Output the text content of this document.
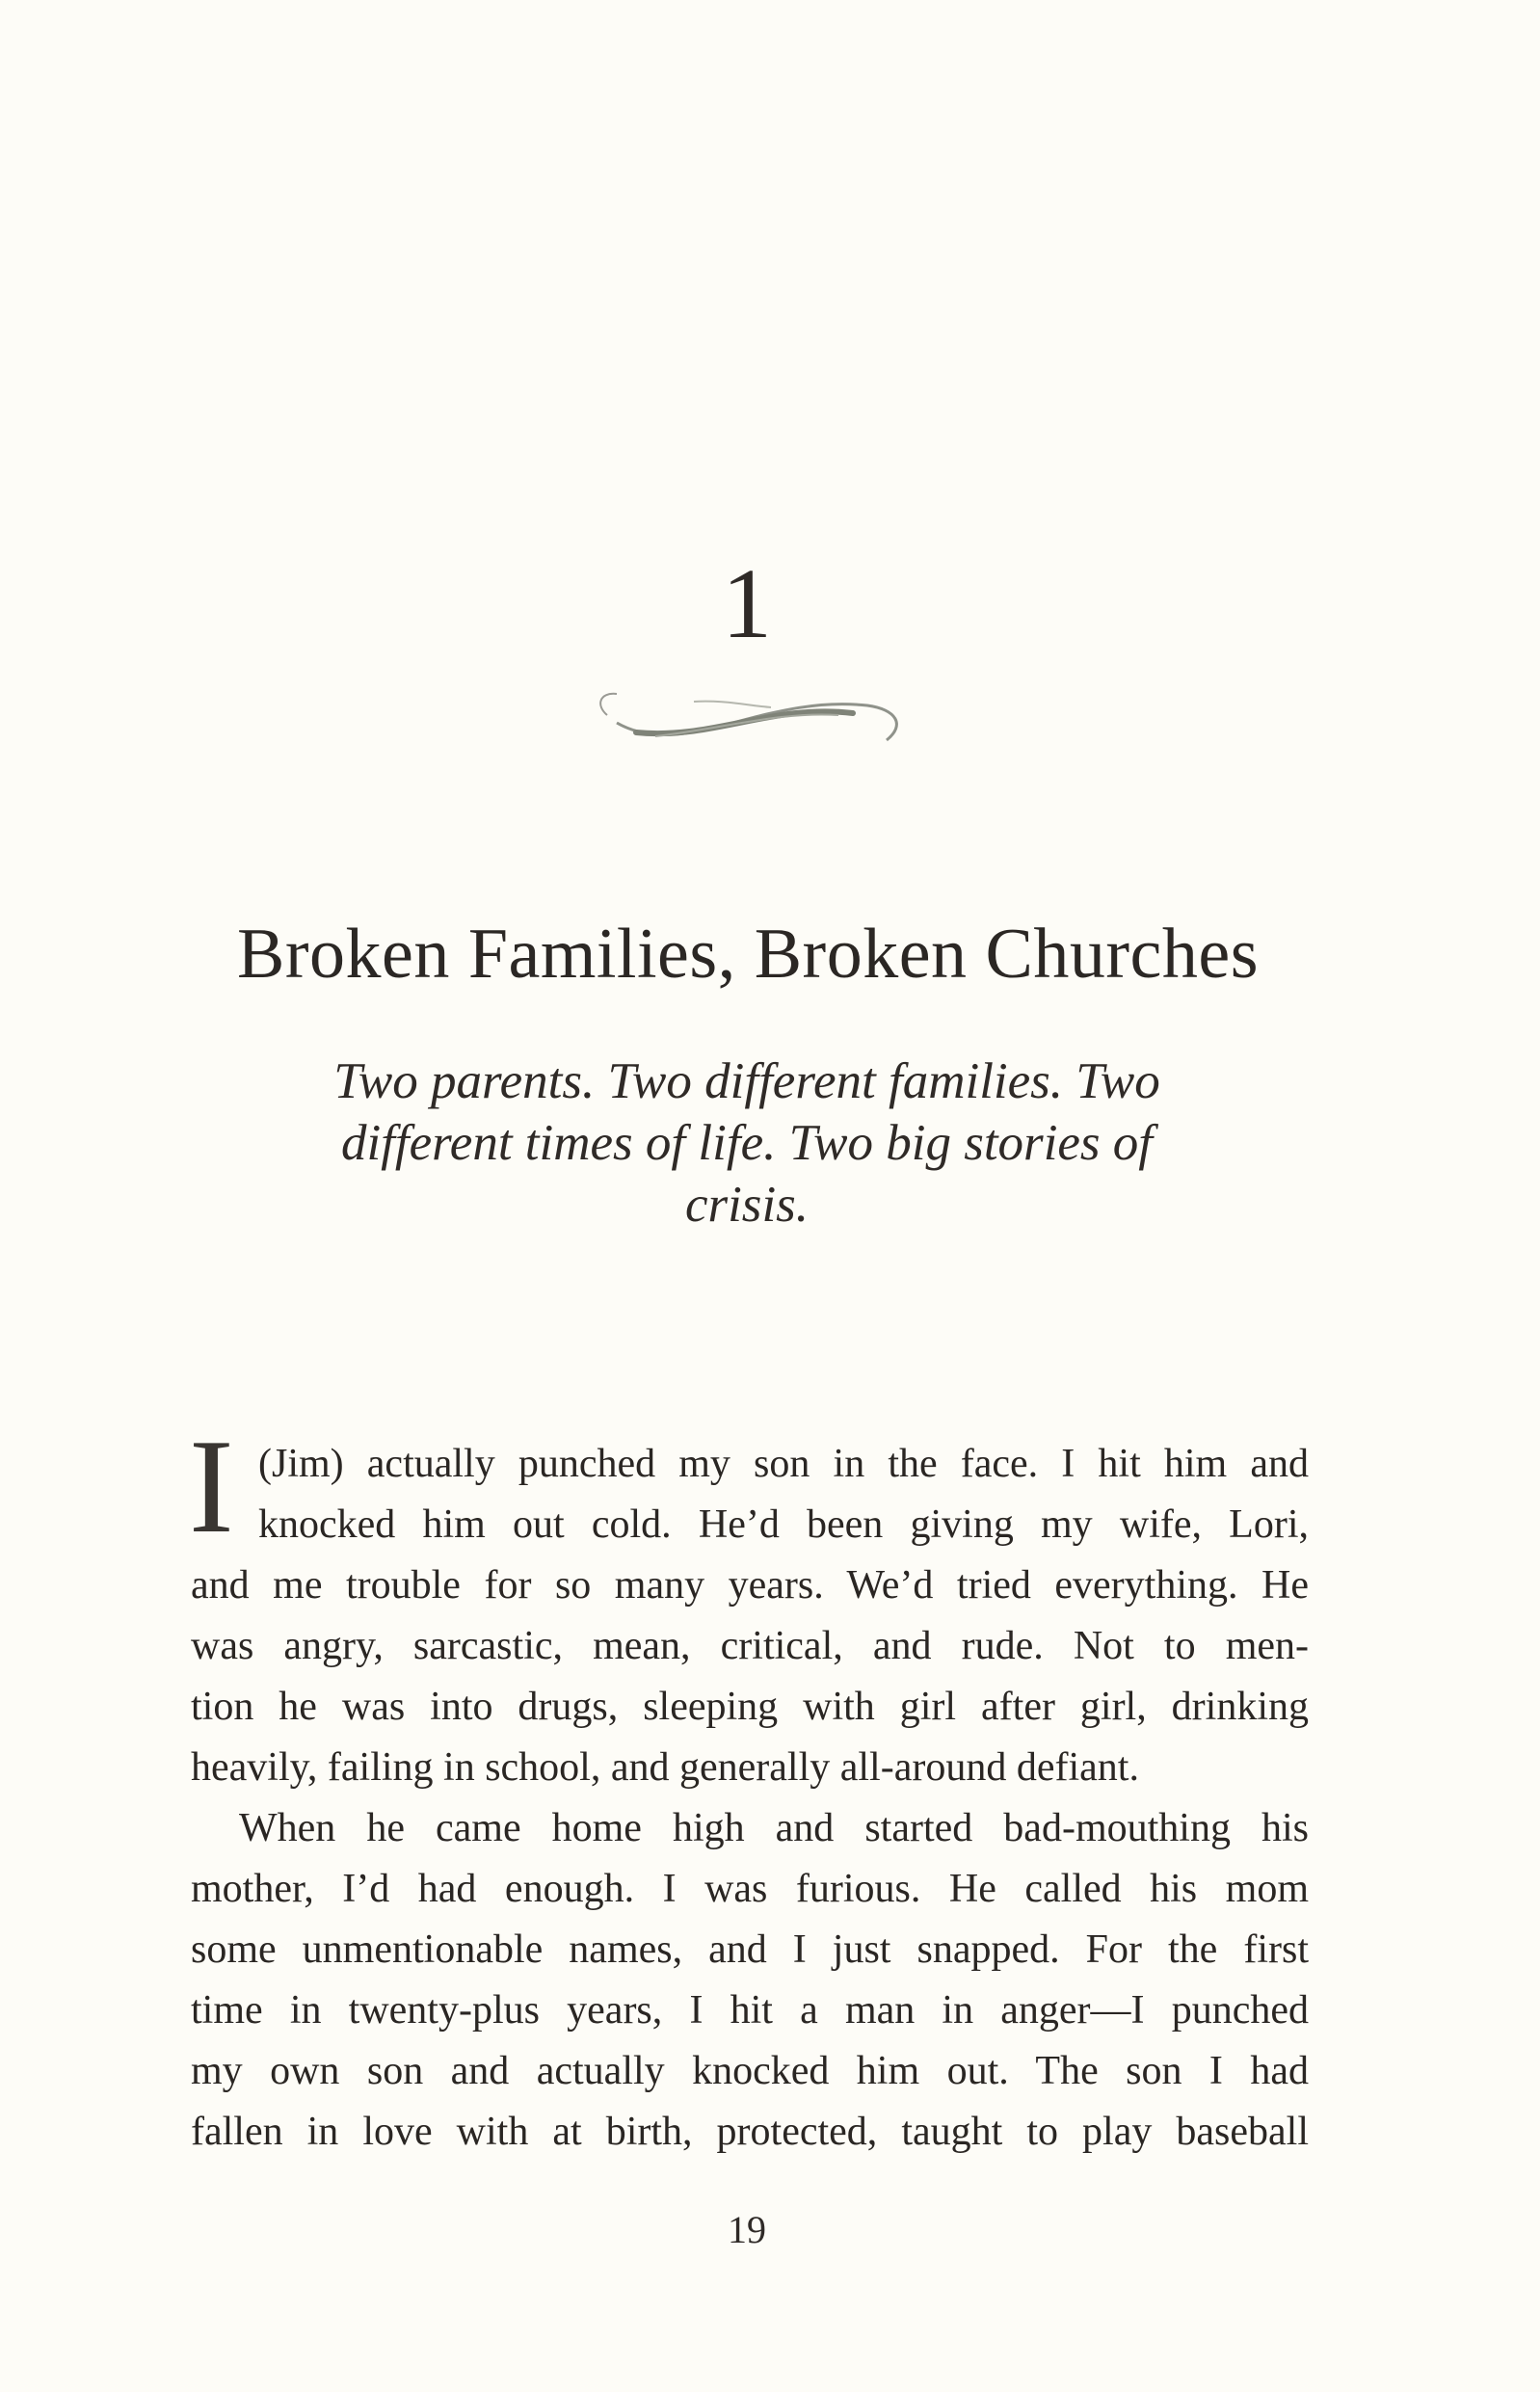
1
Broken Families, Broken Churches
Two parents. Two different families. Two
different times of life. Two big stories of crisis.
I (Jim) actually punched my son in the face. I hit him and
knocked him out cold. He’d been giving my wife, Lori,
and me trouble for so many years. We’d tried everything. He
was angry, sarcastic, mean, critical, and rude. Not to men-
tion he was into drugs, sleeping with girl after girl, drinking
heavily, failing in school, and generally all-around defiant.
When he came home high and started bad-mouthing his
mother, I’d had enough. I was furious. He called his mom
some unmentionable names, and I just snapped. For the first
time in twenty-plus years, I hit a man in anger—I punched
my own son and actually knocked him out. The son I had
fallen in love with at birth, protected, taught to play baseball
19
